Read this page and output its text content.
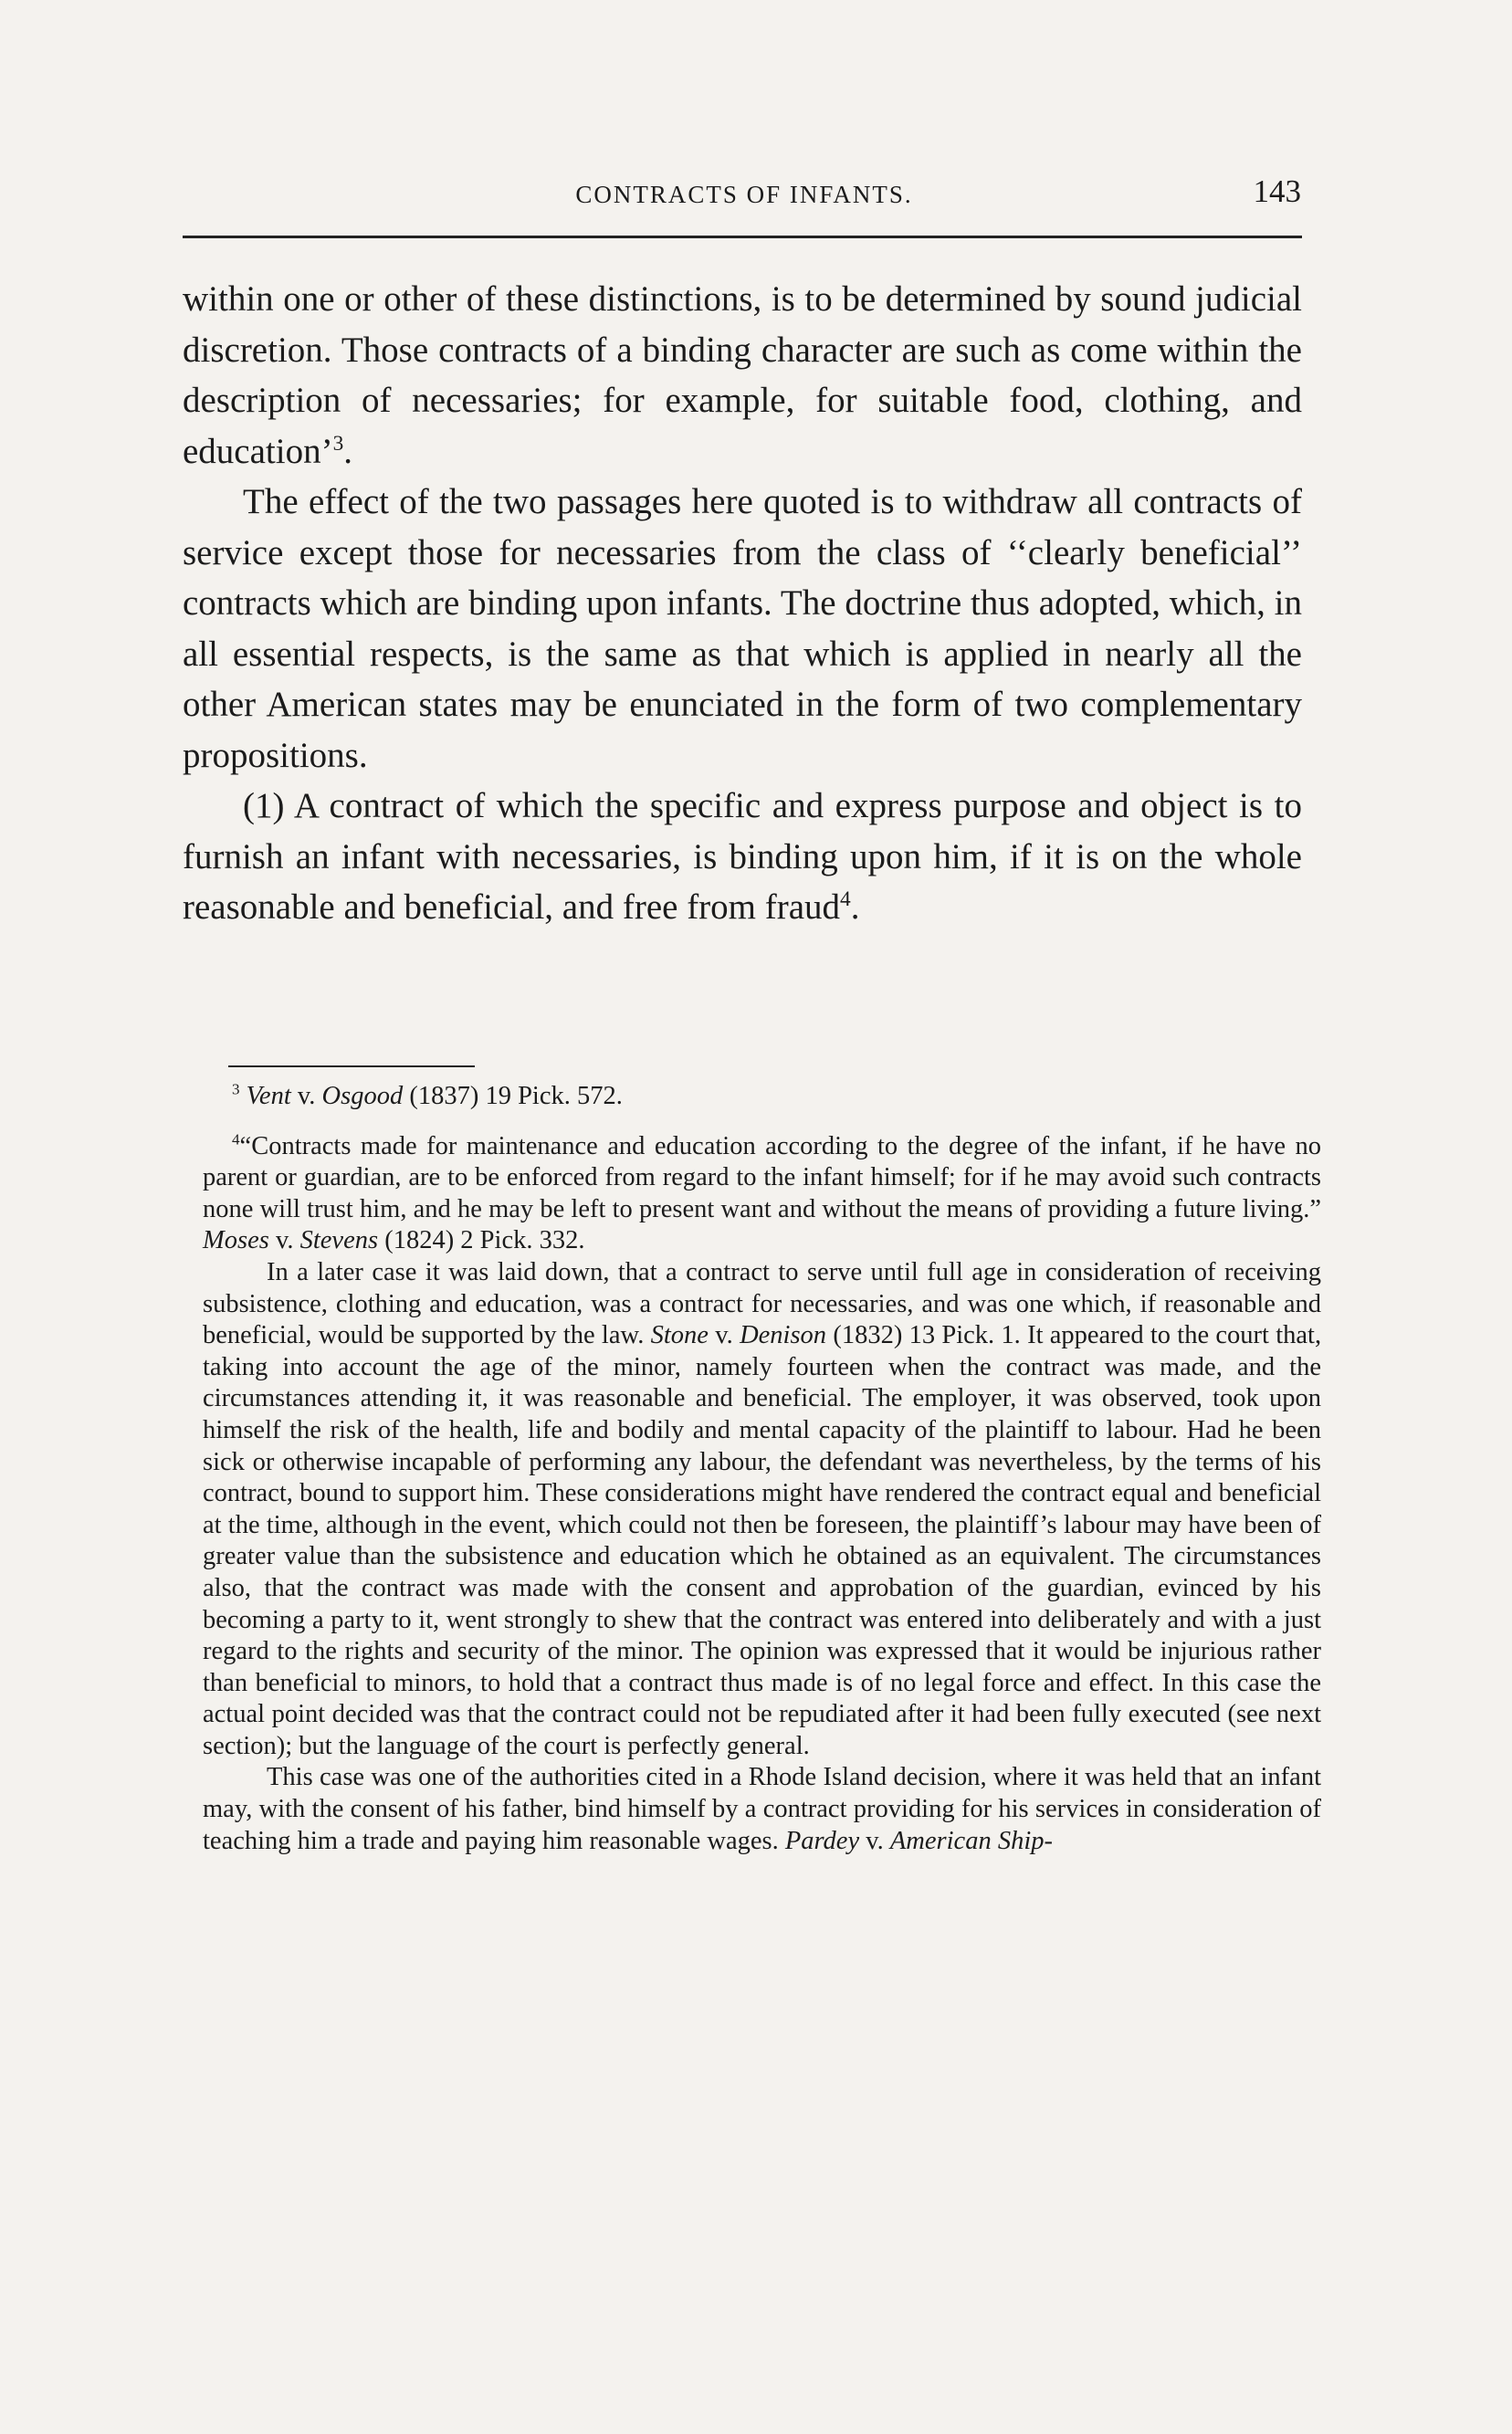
CONTRACTS OF INFANTS.	143

within one or other of these distinctions, is to be determined by sound judicial discretion. Those contracts of a binding character are such as come within the description of necessaries; for example, for suitable food, clothing, and education’$^3$.

The effect of the two passages here quoted is to withdraw all contracts of service except those for necessaries from the class of ‘‘clearly beneficial’’ contracts which are binding upon infants. The doctrine thus adopted, which, in all essential respects, is the same as that which is applied in nearly all the other American states may be enunciated in the form of two complementary propositions.

(1) A contract of which the specific and express purpose and object is to furnish an infant with necessaries, is binding upon him, if it is on the whole reasonable and beneficial, and free from fraud$^4$.

$^3$ Vent v. Osgood (1837) 19 Pick. 572.

$^4$“Contracts made for maintenance and education according to the degree of the infant, if he have no parent or guardian, are to be enforced from regard to the infant himself; for if he may avoid such contracts none will trust him, and he may be left to present want and without the means of providing a future living.” Moses v. Stevens (1824) 2 Pick. 332.

In a later case it was laid down, that a contract to serve until full age in consideration of receiving subsistence, clothing and education, was a contract for necessaries, and was one which, if reasonable and beneficial, would be supported by the law. Stone v. Denison (1832) 13 Pick. 1. It appeared to the court that, taking into account the age of the minor, namely fourteen when the contract was made, and the circumstances attending it, it was reasonable and beneficial. The employer, it was observed, took upon himself the risk of the health, life and bodily and mental capacity of the plaintiff to labour. Had he been sick or otherwise incapable of performing any labour, the defendant was nevertheless, by the terms of his contract, bound to support him. These considerations might have rendered the contract equal and beneficial at the time, although in the event, which could not then be foreseen, the plaintiff’s labour may have been of greater value than the subsistence and education which he obtained as an equivalent. The circumstances also, that the contract was made with the consent and approbation of the guardian, evinced by his becoming a party to it, went strongly to shew that the contract was entered into deliberately and with a just regard to the rights and security of the minor. The opinion was expressed that it would be injurious rather than beneficial to minors, to hold that a contract thus made is of no legal force and effect. In this case the actual point decided was that the contract could not be repudiated after it had been fully executed (see next section); but the language of the court is perfectly general.

This case was one of the authorities cited in a Rhode Island decision, where it was held that an infant may, with the consent of his father, bind himself by a contract providing for his services in consideration of teaching him a trade and paying him reasonable wages. Pardey v. American Ship-
